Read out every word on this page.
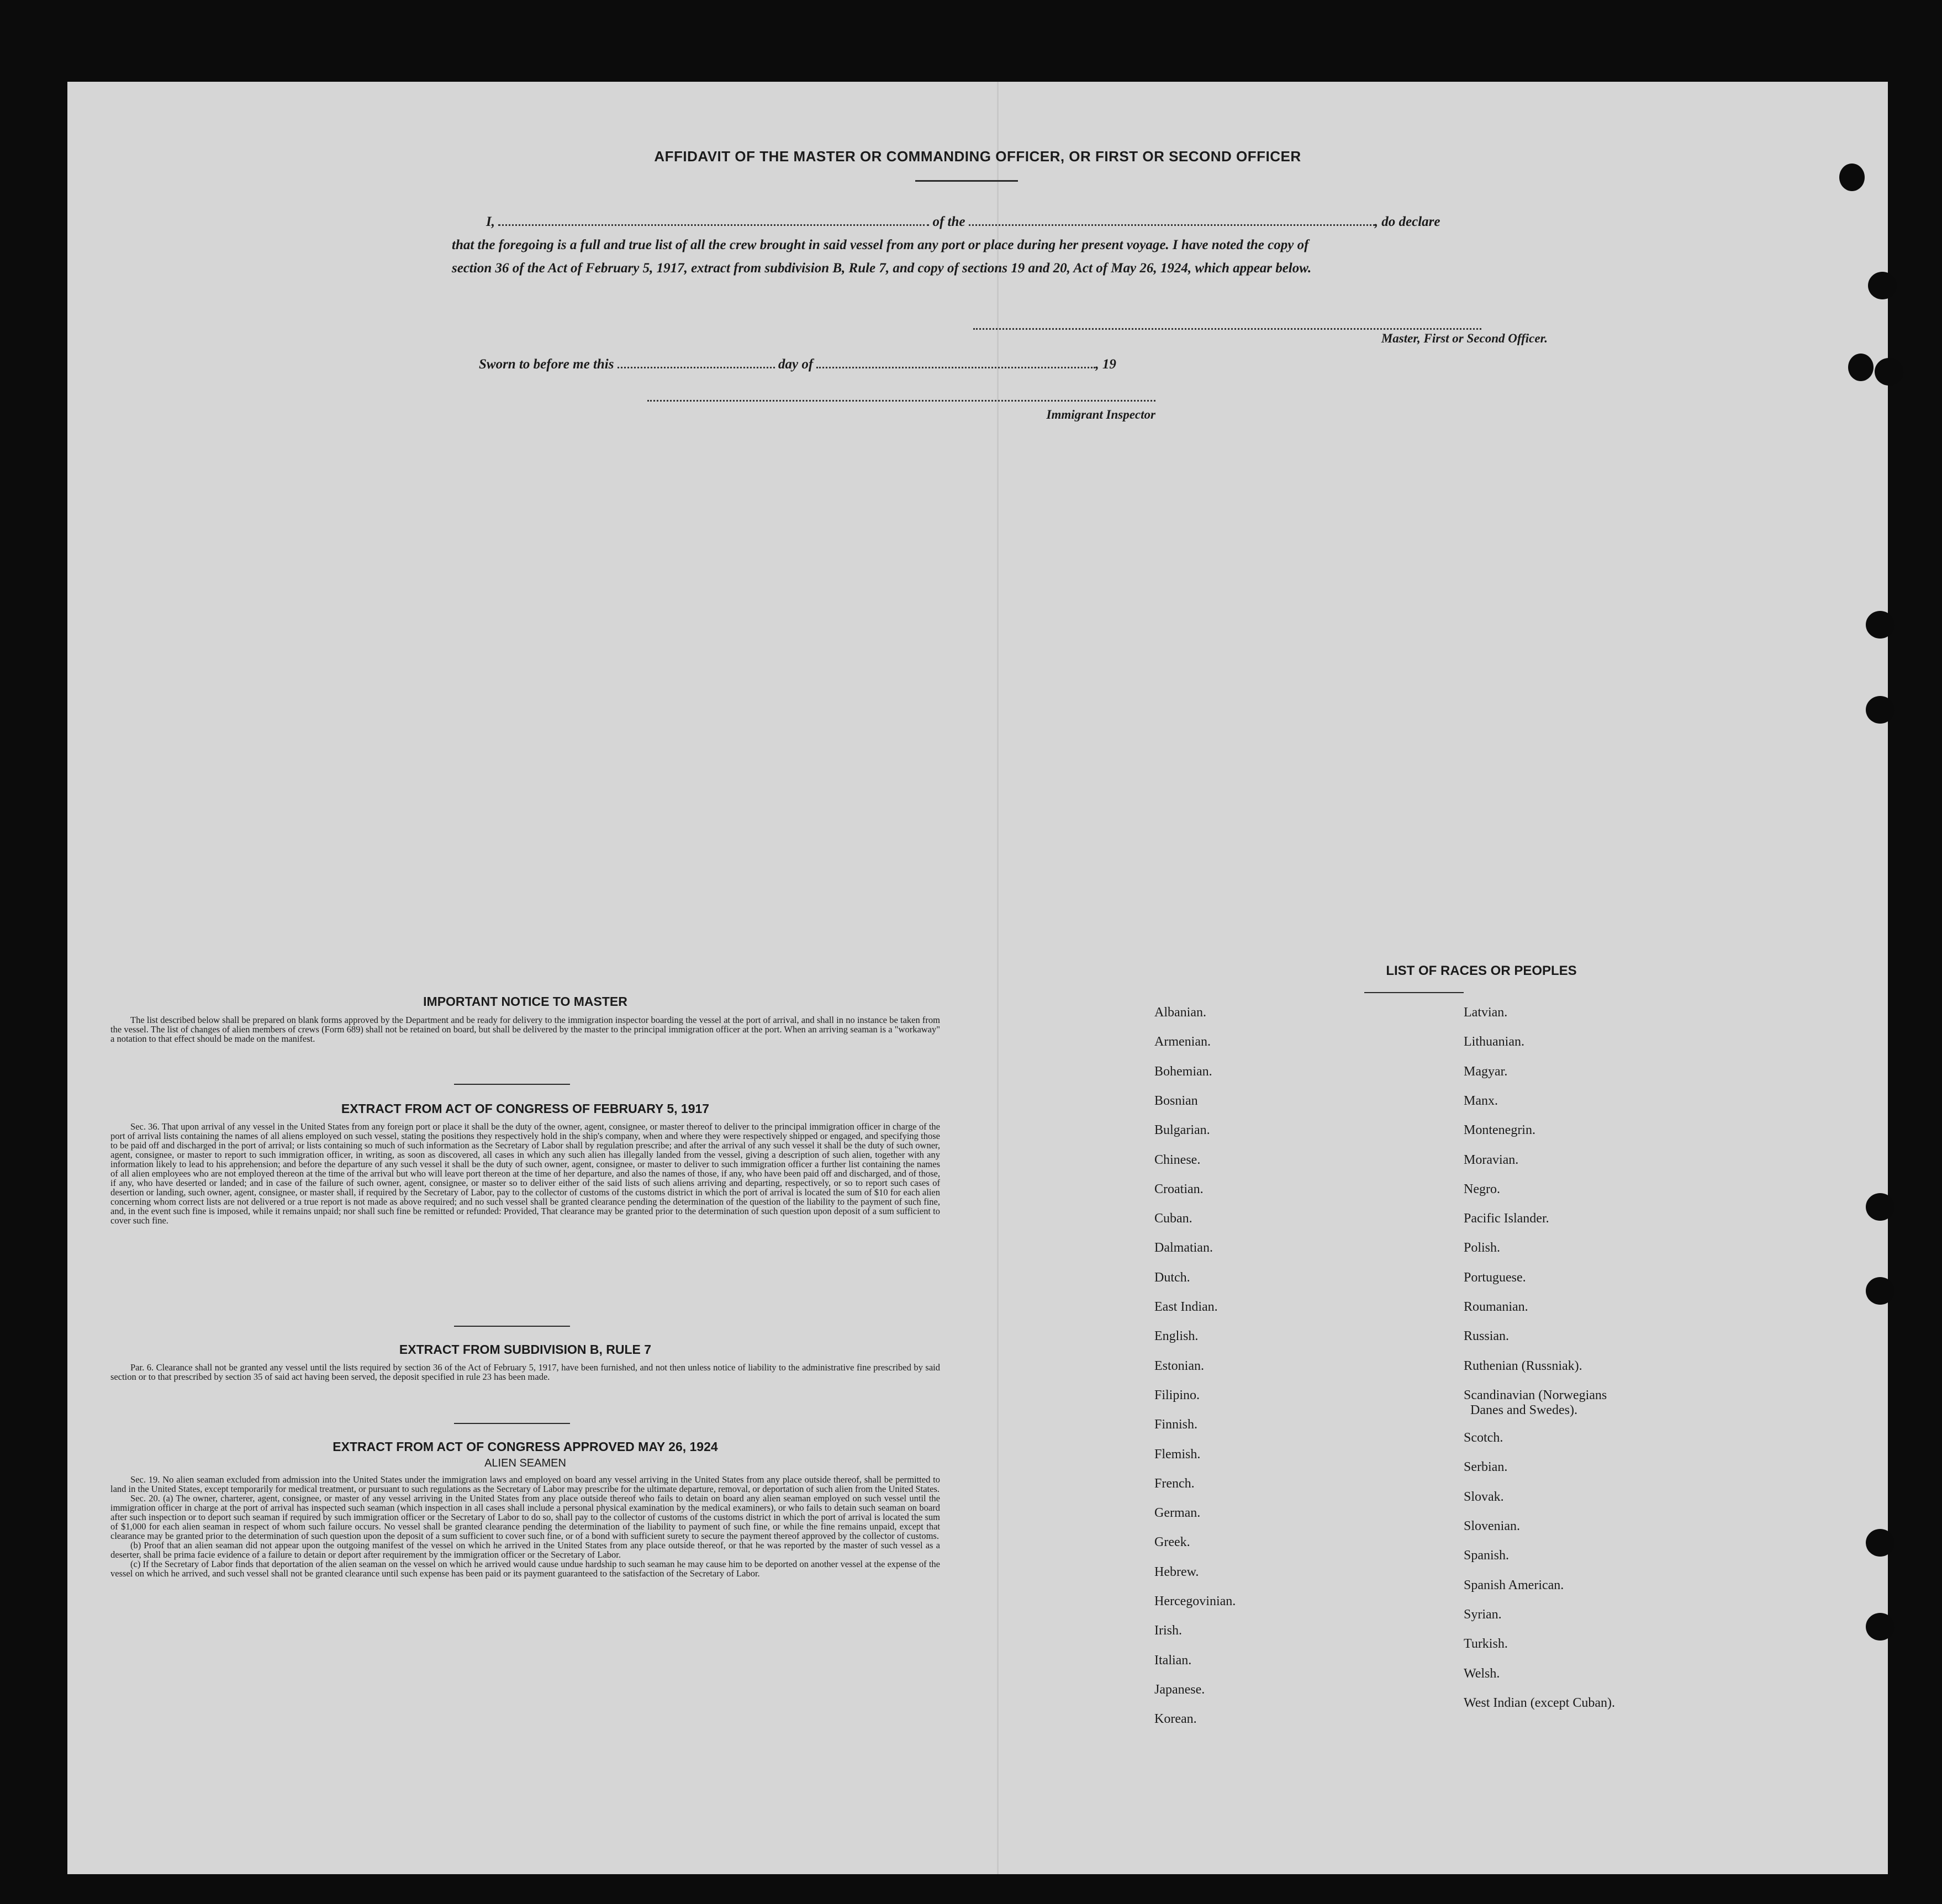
AFFIDAVIT OF THE MASTER OR COMMANDING OFFICER, OR FIRST OR SECOND OFFICER
I,	of the	, do declare
that the foregoing is a full and true list of all the crew brought in said vessel from any port or place during her present voyage. I have noted the copy of
section 36 of the Act of February 5, 1917, extract from subdivision B, Rule 7, and copy of sections 19 and 20, Act of May 26, 1924, which appear below.
Master, First or Second Officer.
Sworn to before me this	day of	, 19
Immigrant Inspector
IMPORTANT NOTICE TO MASTER

The list described below shall be prepared on blank forms approved by the Department and be ready for delivery to the immigration inspector boarding the vessel at the port of arrival, and shall in no instance be taken from the vessel. The list of changes of alien members of crews (Form 689) shall not be retained on board, but shall be delivered by the master to the principal immigration officer at the port. When an arriving seaman is a "workaway" a notation to that effect should be made on the manifest.

EXTRACT FROM ACT OF CONGRESS OF FEBRUARY 5, 1917

Sec. 36. That upon arrival of any vessel in the United States from any foreign port or place it shall be the duty of the owner, agent, consignee, or master thereof to deliver to the principal immigration officer in charge of the port of arrival lists containing the names of all aliens employed on such vessel, stating the positions they respectively hold in the ship's company, when and where they were respectively shipped or engaged, and specifying those to be paid off and discharged in the port of arrival; or lists containing so much of such information as the Secretary of Labor shall by regulation prescribe; and after the arrival of any such vessel it shall be the duty of such owner, agent, consignee, or master to report to such immigration officer, in writing, as soon as discovered, all cases in which any such alien has illegally landed from the vessel, giving a description of such alien, together with any information likely to lead to his apprehension; and before the departure of any such vessel it shall be the duty of such owner, agent, consignee, or master to deliver to such immigration officer a further list containing the names of all alien employees who are not employed thereon at the time of the arrival but who will leave port thereon at the time of her departure, and also the names of those, if any, who have been paid off and discharged, and of those, if any, who have deserted or landed; and in case of the failure of such owner, agent, consignee, or master so to deliver either of the said lists of such aliens arriving and departing, respectively, or so to report such cases of desertion or landing, such owner, agent, consignee, or master shall, if required by the Secretary of Labor, pay to the collector of customs of the customs district in which the port of arrival is located the sum of $10 for each alien concerning whom correct lists are not delivered or a true report is not made as above required; and no such vessel shall be granted clearance pending the determination of the question of the liability to the payment of such fine, and, in the event such fine is imposed, while it remains unpaid; nor shall such fine be remitted or refunded: Provided, That clearance may be granted prior to the determination of such question upon deposit of a sum sufficient to cover such fine.

EXTRACT FROM SUBDIVISION B, RULE 7

Par. 6. Clearance shall not be granted any vessel until the lists required by section 36 of the Act of February 5, 1917, have been furnished, and not then unless notice of liability to the administrative fine prescribed by said section or to that prescribed by section 35 of said act having been served, the deposit specified in rule 23 has been made.

EXTRACT FROM ACT OF CONGRESS APPROVED MAY 26, 1924
ALIEN SEAMEN

Sec. 19. No alien seaman excluded from admission into the United States under the immigration laws and employed on board any vessel arriving in the United States from any place outside thereof, shall be permitted to land in the United States, except temporarily for medical treatment, or pursuant to such regulations as the Secretary of Labor may prescribe for the ultimate departure, removal, or deportation of such alien from the United States.

Sec. 20. (a) The owner, charterer, agent, consignee, or master of any vessel arriving in the United States from any place outside thereof who fails to detain on board any alien seaman employed on such vessel until the immigration officer in charge at the port of arrival has inspected such seaman (which inspection in all cases shall include a personal physical examination by the medical examiners), or who fails to detain such seaman on board after such inspection or to deport such seaman if required by such immigration officer or the Secretary of Labor to do so, shall pay to the collector of customs of the customs district in which the port of arrival is located the sum of $1,000 for each alien seaman in respect of whom such failure occurs. No vessel shall be granted clearance pending the determination of the liability to payment of such fine, or while the fine remains unpaid, except that clearance may be granted prior to the determination of such question upon the deposit of a sum sufficient to cover such fine, or of a bond with sufficient surety to secure the payment thereof approved by the collector of customs.

(b) Proof that an alien seaman did not appear upon the outgoing manifest of the vessel on which he arrived in the United States from any place outside thereof, or that he was reported by the master of such vessel as a deserter, shall be prima facie evidence of a failure to detain or deport after requirement by the immigration officer or the Secretary of Labor.

(c) If the Secretary of Labor finds that deportation of the alien seaman on the vessel on which he arrived would cause undue hardship to such seaman he may cause him to be deported on another vessel at the expense of the vessel on which he arrived, and such vessel shall not be granted clearance until such expense has been paid or its payment guaranteed to the satisfaction of the Secretary of Labor.

LIST OF RACES OR PEOPLES
Albanian.
Armenian.
Bohemian.
Bosnian
Bulgarian.
Chinese.
Croatian.
Cuban.
Dalmatian.
Dutch.
East Indian.
English.
Estonian.
Filipino.
Finnish.
Flemish.
French.
German.
Greek.
Hebrew.
Hercegovinian.
Irish.
Italian.
Japanese.
Korean.
Latvian.
Lithuanian.
Magyar.
Manx.
Montenegrin.
Moravian.
Negro.
Pacific Islander.
Polish.
Portuguese.
Roumanian.
Russian.
Ruthenian (Russniak).
Scandinavian (Norwegians
Danes and Swedes).
Scotch.
Serbian.
Slovak.
Slovenian.
Spanish.
Spanish American.
Syrian.
Turkish.
Welsh.
West Indian (except Cuban).
